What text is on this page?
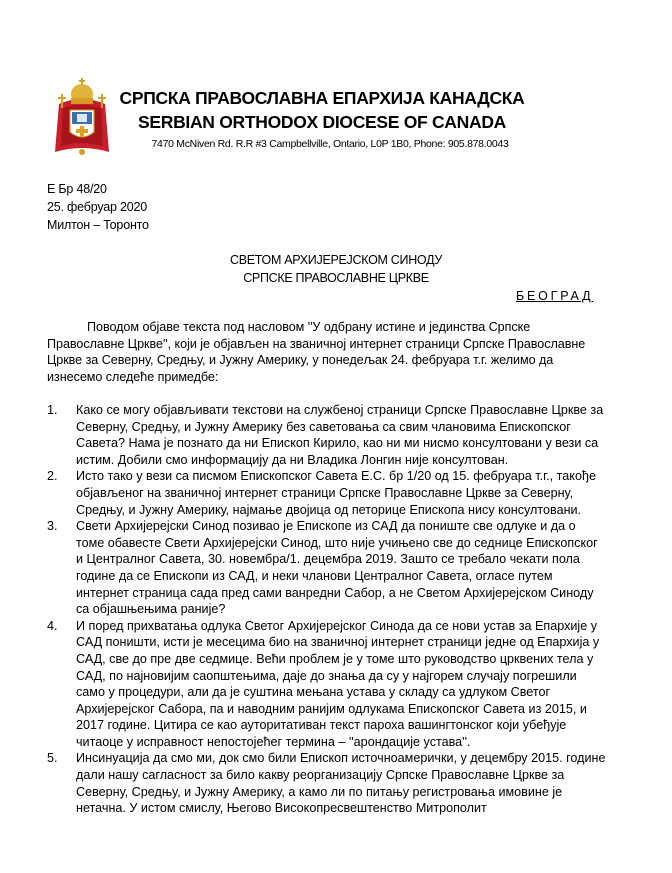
СРПСКА ПРАВОСЛАВНА ЕПАРХИЈА КАНАДСКА
SERBIAN ORTHODOX DIOCESE OF CANADA
7470 McNiven Rd. R.R #3 Campbellville, Ontario, L0P 1B0, Phone: 905.878.0043
Е Бр 48/20
25. фебруар 2020
Милтон – Торонто
СВЕТОМ АРХИЈЕРЕЈСКОМ СИНОДУ
СРПСКЕ ПРАВОСЛАВНЕ ЦРКВЕ
БЕОГРАД
Поводом објаве текста под насловом ''У одбрану истине и јединства Српске Православне Цркве'', који је објављен на званичној интернет страници Српске Православне Цркве за Северну, Средњу, и Јужну Америку, у понедељак 24. фебруара т.г. желимо да изнесемо следеће примедбе:
1. Како се могу објављивати текстови на службеној страници Српске Православне Цркве за Северну, Средњу, и Јужну Америку без саветовања са свим члановима Епископског Савета? Нама је познато да ни Епископ Кирило, као ни ми нисмо консултовани у вези са истим. Добили смо информацију да ни Владика Лонгин није консултован.
2. Исто тако у вези са писмом Епископског Савета Е.С. бр 1/20 од 15. фебруара т.г., такође објављеног на званичној интернет страници Српске Православне Цркве за Северну, Средњу, и Јужну Америку, најмање двојица од петорице Епископа нису консултовани.
3. Свети Архијерејски Синод позивао је Епископе из САД да пониште све одлуке и да о томе обавесте Свети Архијерејски Синод, што није учињено све до седнице Епископског и Централног Савета, 30. новембра/1. децембра 2019. Зашто се требало чекати пола године да се Епископи из САД, и неки чланови Централног Савета, огласе путем интернет страница сада пред сами ванредни Сабор, а не Светом Архијерејском Синоду са објашњењима раније?
4. И поред прихватања одлука Светог Архијерејског Синода да се нови устав за Епархије у САД поништи, исти је месецима био на званичној интернет страници једне од Епархија у САД, све до пре две седмице. Већи проблем је у томе што руководство црквених тела у САД, по најновијим саопштењима, даје до знања да су у најгорем случају погрешили само у процедури, али да је суштина мењана устава у складу са удлуком Светог Архијерејског Сабора, па и наводним ранијим одлукама Епископског Савета из 2015, и 2017 године. Цитира се као ауторитативан текст пароха вашингтонског који убеђује читаоце у исправност непостојећег термина – ''арондације устава''.
5. Инсинуација да смо ми, док смо били Епископ источноамерички, у децембру 2015. године дали нашу сагласност за било какву реорганизацију Српске Православне Цркве за Северну, Средњу, и Јужну Америку, а камо ли по питању регистровања имовине је нетачна. У истом смислу, Његово Високопресвештенство Митрополит
